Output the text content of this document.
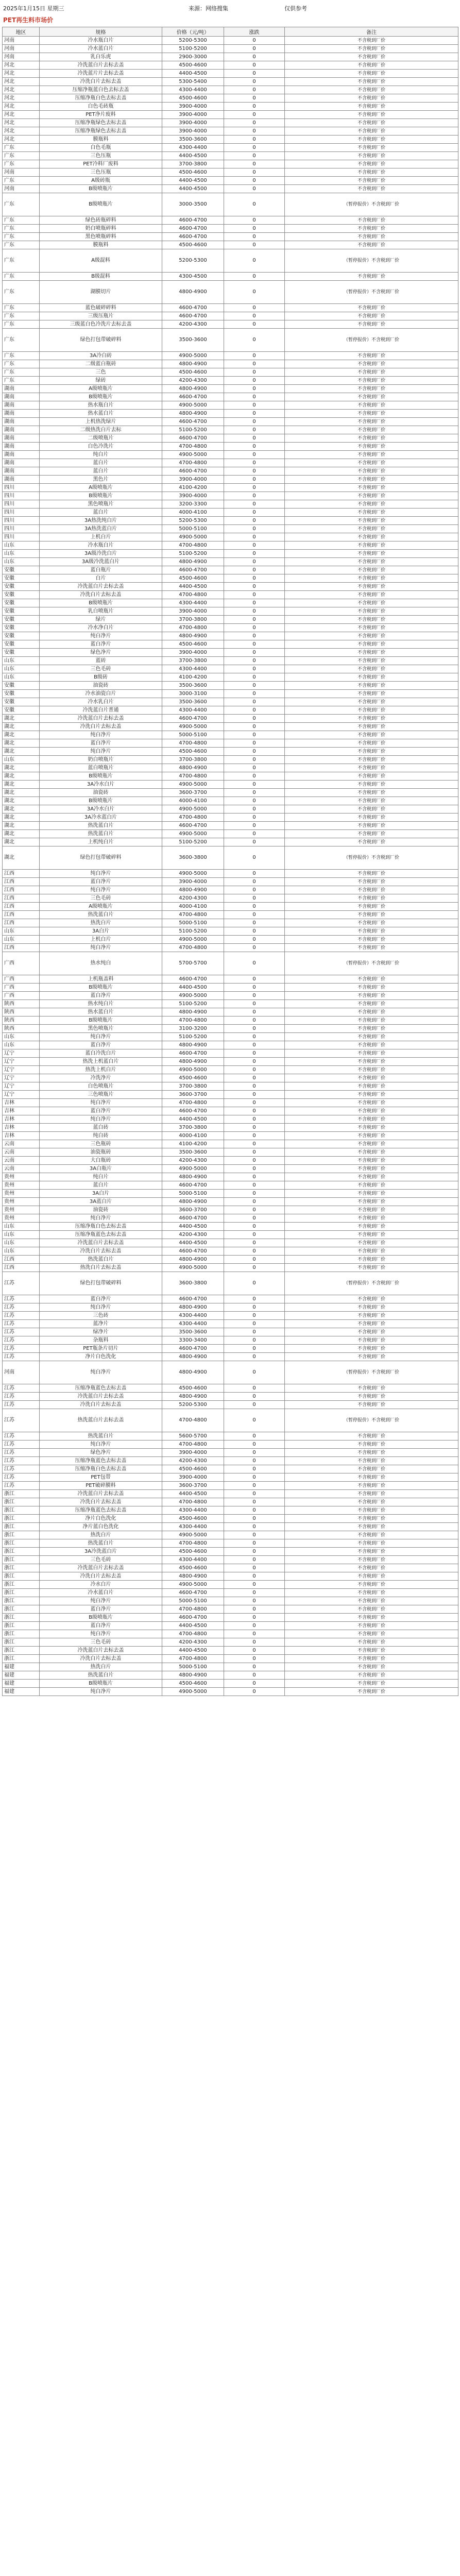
2025年1月15日 星期三	来源：网络搜集	仅供参考
PET再生料市场价
地区	规格	价格（元/吨）	涨跌	备注
河南	冷水瓶白片	5200-5300	0	不含税到厂价
河南	冷水蓝白片	5100-5200	0	不含税到厂价
河南	乳白乐虎	2900-3000	0	不含税到厂价
河北	冷洗蓝白片去标去盖	4500-4600	0	不含税到厂价
河北	冷洗蓝片片去标去盖	4400-4500	0	不含税到厂价
河北	冷洗白片去标去盖	5300-5400	0	不含税到厂价
河北	压缩净瓶蓝白色去标去盖	4300-4400	0	不含税到厂价
河北	压缩净瓶白色去标去盖	4500-4600	0	不含税到厂价
河北	白色毛砖瓶	3900-4000	0	不含税到厂价
河北	PET净片废料	3900-4000	0	不含税到厂价
河北	压缩净瓶绿色去标去盖	3900-4000	0	不含税到厂价
河北	压缩净瓶绿色去标去盖	3900-4000	0	不含税到厂价
河北	膜瓶料	3500-3600	0	不含税到厂价
广东	白色毛瓶	4300-4400	0	不含税到厂价
广东	三色压瓶	4400-4500	0	不含税到厂价
广东	PET冷料厂废料	3700-3800	0	不含税到厂价
河南	三色压瓶	4500-4600	0	不含税到厂价
广东	A级砖瓶	4400-4500	0	不含税到厂价
河南	B级喷瓶片	4400-4500	0	不含税到厂价
广东	B级喷瓶片	3000-3500	0	（暂停报价）不含税到厂价
广东	绿色砖瓶碎料	4600-4700	0	不含税到厂价
广东	奶白喷瓶碎料	4600-4700	0	不含税到厂价
广东	黑色喷瓶碎料	4600-4700	0	不含税到厂价
广东	膜瓶料	4500-4600	0	不含税到厂价
广东	A级混料	5200-5300	0	（暂停报价）不含税到厂价
广东	B级混料	4300-4500	0	不含税到厂价
广东	湖膜切片	4800-4900	0	（暂停报价）不含税到厂价
广东	蓝色破碎碎料	4600-4700	0	不含税到厂价
广东	三级压瓶片	4600-4700	0	不含税到厂价
广东	三级蓝白色冷洗片去标去盖	4200-4300	0	不含税到厂价
广东	绿色打包带破碎料	3500-3600	0	（暂停报价）不含税到厂价
广东	3A冷白砖	4900-5000	0	不含税到厂价
广东	二级蓝白瓶砖	4800-4900	0	不含税到厂价
广东	三色	4500-4600	0	不含税到厂价
广东	绿砖	4200-4300	0	不含税到厂价
湖南	A级喷瓶片	4800-4900	0	不含税到厂价
湖南	B级喷瓶片	4600-4700	0	不含税到厂价
湖南	热水瓶白片	4900-5000	0	不含税到厂价
湖南	热水蓝白片	4800-4900	0	不含税到厂价
湖南	上机热洗绿片	4600-4700	0	不含税到厂价
湖南	二级热洗白片去标	5100-5200	0	不含税到厂价
湖南	二级喷瓶片	4600-4700	0	不含税到厂价
湖南	白色冷洗片	4700-4800	0	不含税到厂价
湖南	纯白片	4900-5000	0	不含税到厂价
湖南	蓝白片	4700-4800	0	不含税到厂价
湖南	蓝白片	4600-4700	0	不含税到厂价
湖南	黑色片	3900-4000	0	不含税到厂价
四川	A级喷瓶片	4100-4200	0	不含税到厂价
四川	B级喷瓶片	3900-4000	0	不含税到厂价
四川	黑色喷瓶片	3200-3300	0	不含税到厂价
四川	蓝白片	4000-4100	0	不含税到厂价
四川	3A热洗纯白片	5200-5300	0	不含税到厂价
四川	3A热洗蓝白片	5000-5100	0	不含税到厂价
四川	上机白片	4900-5000	0	不含税到厂价
山东	冷水瓶白片	4700-4800	0	不含税到厂价
山东	3A级冷洗白片	5100-5200	0	不含税到厂价
山东	3A级冷洗蓝白片	4800-4900	0	不含税到厂价
安徽	蓝白瓶片	4600-4700	0	不含税到厂价
安徽	白片	4500-4600	0	不含税到厂价
安徽	冷洗蓝白片去标去盖	4400-4500	0	不含税到厂价
安徽	冷洗白片去标去盖	4700-4800	0	不含税到厂价
安徽	B级喷瓶片	4300-4400	0	不含税到厂价
安徽	乳白喷瓶片	3900-4000	0	不含税到厂价
安徽	绿片	3700-3800	0	不含税到厂价
安徽	冷水净白片	4700-4800	0	不含税到厂价
安徽	纯白净片	4800-4900	0	不含税到厂价
安徽	蓝白净片	4500-4600	0	不含税到厂价
安徽	绿色净片	3900-4000	0	不含税到厂价
山东	蓝砖	3700-3800	0	不含税到厂价
山东	三色毛砖	4300-4400	0	不含税到厂价
山东	B级砖	4100-4200	0	不含税到厂价
安徽	油瓷砖	3500-3600	0	不含税到厂价
安徽	冷水油瓷白片	3000-3100	0	不含税到厂价
安徽	冷水乳白片	3500-3600	0	不含税到厂价
安徽	冷洗蓝白片普通	4300-4400	0	不含税到厂价
湖北	冷洗蓝白片去标去盖	4600-4700	0	不含税到厂价
湖北	冷洗白片去标去盖	4900-5000	0	不含税到厂价
湖北	纯白净片	5000-5100	0	不含税到厂价
湖北	蓝白净片	4700-4800	0	不含税到厂价
湖北	纯白净片	4500-4600	0	不含税到厂价
山东	奶白喷瓶片	3700-3800	0	不含税到厂价
湖北	蓝白喷瓶片	4800-4900	0	不含税到厂价
湖北	B级喷瓶片	4700-4800	0	不含税到厂价
湖北	3A冷水白片	4900-5000	0	不含税到厂价
湖北	油瓷砖	3600-3700	0	不含税到厂价
湖北	B级喷瓶片	4000-4100	0	不含税到厂价
湖北	3A冷水白片	4900-5000	0	不含税到厂价
湖北	3A冷水蓝白片	4700-4800	0	不含税到厂价
湖北	热洗蓝白片	4600-4700	0	不含税到厂价
湖北	热洗蓝白片	4900-5000	0	不含税到厂价
湖北	上机纯白片	5100-5200	0	不含税到厂价
湖北	绿色打包带破碎料	3600-3800	0	（暂停报价）不含税到厂价
江西	纯白净片	4900-5000	0	不含税到厂价
江西	蓝白净片	3900-4000	0	不含税到厂价
江西	纯白净片	4800-4900	0	不含税到厂价
江西	三色毛砖	4200-4300	0	不含税到厂价
江西	A级喷瓶片	4000-4100	0	不含税到厂价
江西	热洗蓝白片	4700-4800	0	不含税到厂价
江西	热洗白片	5000-5100	0	不含税到厂价
山东	3A白片	5100-5200	0	不含税到厂价
山东	上机白片	4900-5000	0	不含税到厂价
江西	纯白净片	4700-4800	0	不含税到厂价
广西	热水纯白	5700-5700	0	（暂停报价）不含税到厂价
广西	上机瓶盖料	4600-4700	0	不含税到厂价
广西	B级喷瓶片	4400-4500	0	不含税到厂价
广西	蓝白净片	4900-5000	0	不含税到厂价
陕西	热水纯白片	5100-5200	0	不含税到厂价
陕西	热水蓝白片	4800-4900	0	不含税到厂价
陕西	B级喷瓶片	4700-4800	0	不含税到厂价
陕西	黑色喷瓶片	3100-3200	0	不含税到厂价
山东	纯白净片	5100-5200	0	不含税到厂价
山东	蓝白净片	4800-4900	0	不含税到厂价
辽宁	蓝白冷洗白片	4600-4700	0	不含税到厂价
辽宁	热洗上机蓝白片	4800-4900	0	不含税到厂价
辽宁	热洗上机白片	4900-5000	0	不含税到厂价
辽宁	冷洗净片	4500-4600	0	不含税到厂价
辽宁	白色喷瓶片	3700-3800	0	不含税到厂价
辽宁	三色喷瓶片	3600-3700	0	不含税到厂价
吉林	纯白净片	4700-4800	0	不含税到厂价
吉林	蓝白净片	4600-4700	0	不含税到厂价
吉林	纯白净片	4400-4500	0	不含税到厂价
吉林	蓝白砖	3700-3800	0	不含税到厂价
吉林	纯白砖	4000-4100	0	不含税到厂价
云南	三色瓶砖	4100-4200	0	不含税到厂价
云南	油瓷瓶砖	3500-3600	0	不含税到厂价
云南	大白瓶砖	4200-4300	0	不含税到厂价
云南	3A白瓶片	4900-5000	0	不含税到厂价
贵州	纯白片	4800-4900	0	不含税到厂价
贵州	蓝白片	4600-4700	0	不含税到厂价
贵州	3A白片	5000-5100	0	不含税到厂价
贵州	3A蓝白片	4800-4900	0	不含税到厂价
贵州	油瓷砖	3600-3700	0	不含税到厂价
贵州	纯白净片	4600-4700	0	不含税到厂价
山东	压缩净瓶白色去标去盖	4400-4500	0	不含税到厂价
山东	压缩净瓶蓝色去标去盖	4200-4300	0	不含税到厂价
山东	冷洗蓝白片去标去盖	4400-4500	0	不含税到厂价
山东	冷洗白片去标去盖	4600-4700	0	不含税到厂价
江西	热洗蓝白片	4800-4900	0	不含税到厂价
江西	热洗白片去标去盖	4900-5000	0	不含税到厂价
江苏	绿色打包带破碎料	3600-3800	0	（暂停报价）不含税到厂价
江苏	蓝白净片	4600-4700	0	不含税到厂价
江苏	纯白净片	4800-4900	0	不含税到厂价
江苏	三色砖	4300-4400	0	不含税到厂价
江苏	蓝净片	4300-4400	0	不含税到厂价
江苏	绿净片	3500-3600	0	不含税到厂价
江苏	杂瓶料	3300-3400	0	不含税到厂价
江苏	PET瓶条片切片	4600-4700	0	不含税到厂价
江苏	净片白色洗化	4800-4900	0	不含税到厂价
河南	纯白净片	4800-4900	0	（暂停报价）不含税到厂价
江苏	压缩净瓶蓝色去标去盖	4500-4600	0	不含税到厂价
江苏	冷洗蓝白片去标去盖	4800-4900	0	不含税到厂价
江苏	冷洗白片去标去盖	5200-5300	0	不含税到厂价
江苏	热洗蓝白片去标去盖	4700-4800	0	（暂停报价）不含税到厂价
江苏	热洗蓝白片	5600-5700	0	不含税到厂价
江苏	纯白净片	4700-4800	0	不含税到厂价
江苏	绿色净片	3900-4000	0	不含税到厂价
江苏	压缩净瓶蓝色去标去盖	4200-4300	0	不含税到厂价
江苏	压缩净瓶白色去标去盖	4500-4600	0	不含税到厂价
江苏	PET包带	3900-4000	0	不含税到厂价
江苏	PET破碎膜料	3600-3700	0	不含税到厂价
浙江	冷洗蓝白片去标去盖	4400-4500	0	不含税到厂价
浙江	冷洗白片去标去盖	4700-4800	0	不含税到厂价
浙江	压缩净瓶蓝色去标去盖	4300-4400	0	不含税到厂价
浙江	净片白色洗化	4500-4600	0	不含税到厂价
浙江	净片蓝白色洗化	4300-4400	0	不含税到厂价
浙江	热洗白片	4900-5000	0	不含税到厂价
浙江	热洗蓝白片	4700-4800	0	不含税到厂价
浙江	3A冷洗蓝白片	4500-4600	0	不含税到厂价
浙江	三色毛砖	4300-4400	0	不含税到厂价
浙江	冷洗蓝白片去标去盖	4500-4600	0	不含税到厂价
浙江	冷洗白片去标去盖	4800-4900	0	不含税到厂价
浙江	冷水白片	4900-5000	0	不含税到厂价
浙江	冷水蓝白片	4600-4700	0	不含税到厂价
浙江	纯白净片	5000-5100	0	不含税到厂价
浙江	蓝白净片	4700-4800	0	不含税到厂价
浙江	B级喷瓶片	4600-4700	0	不含税到厂价
浙江	蓝白净片	4400-4500	0	不含税到厂价
浙江	纯白净片	4700-4800	0	不含税到厂价
浙江	三色毛砖	4200-4300	0	不含税到厂价
浙江	冷洗蓝白片去标去盖	4400-4500	0	不含税到厂价
浙江	冷洗白片去标去盖	4700-4800	0	不含税到厂价
福建	热洗白片	5000-5100	0	不含税到厂价
福建	热洗蓝白片	4800-4900	0	不含税到厂价
福建	B级喷瓶片	4500-4600	0	不含税到厂价
福建	纯白净片	4900-5000	0	不含税到厂价
